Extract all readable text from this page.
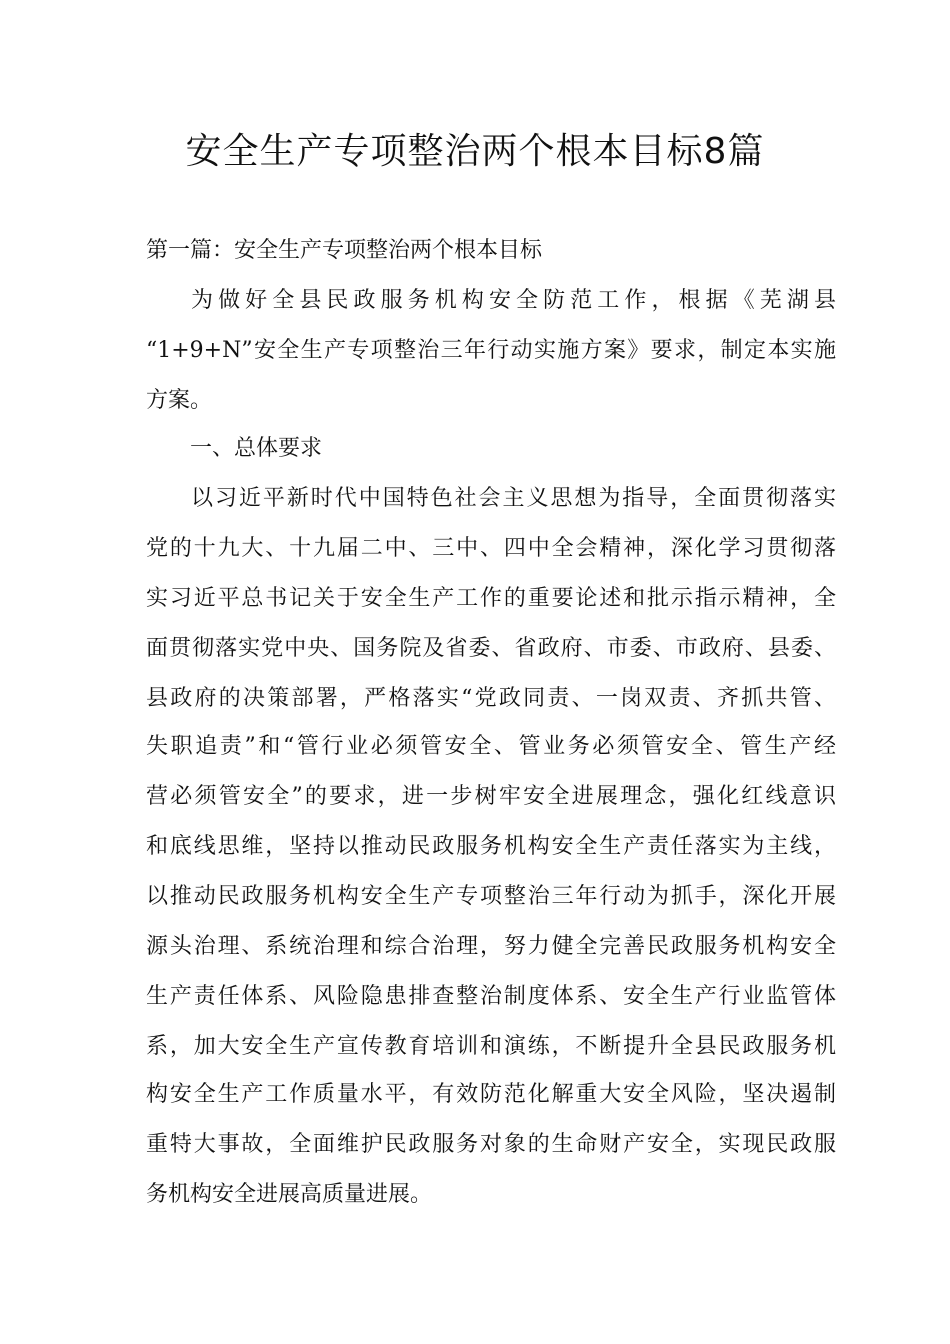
安全生产专项整治两个根本目标8篇

第一篇：安全生产专项整治两个根本目标

为做好全县民政服务机构安全防范工作，根据《芜湖县

“1+9+N”安全生产专项整治三年行动实施方案》要求，制定本实施

方案。

一、总体要求

以习近平新时代中国特色社会主义思想为指导，全面贯彻落实

党的十九大、十九届二中、三中、四中全会精神，深化学习贯彻落

实习近平总书记关于安全生产工作的重要论述和批示指示精神，全

面贯彻落实党中央、国务院及省委、省政府、市委、市政府、县委、

县政府的决策部署，严格落实“党政同责、一岗双责、齐抓共管、

失职追责”和“管行业必须管安全、管业务必须管安全、管生产经

营必须管安全”的要求，进一步树牢安全进展理念，强化红线意识

和底线思维，坚持以推动民政服务机构安全生产责任落实为主线，

以推动民政服务机构安全生产专项整治三年行动为抓手，深化开展

源头治理、系统治理和综合治理，努力健全完善民政服务机构安全

生产责任体系、风险隐患排查整治制度体系、安全生产行业监管体

系，加大安全生产宣传教育培训和演练，不断提升全县民政服务机

构安全生产工作质量水平，有效防范化解重大安全风险，坚决遏制

重特大事故，全面维护民政服务对象的生命财产安全，实现民政服

务机构安全进展高质量进展。
